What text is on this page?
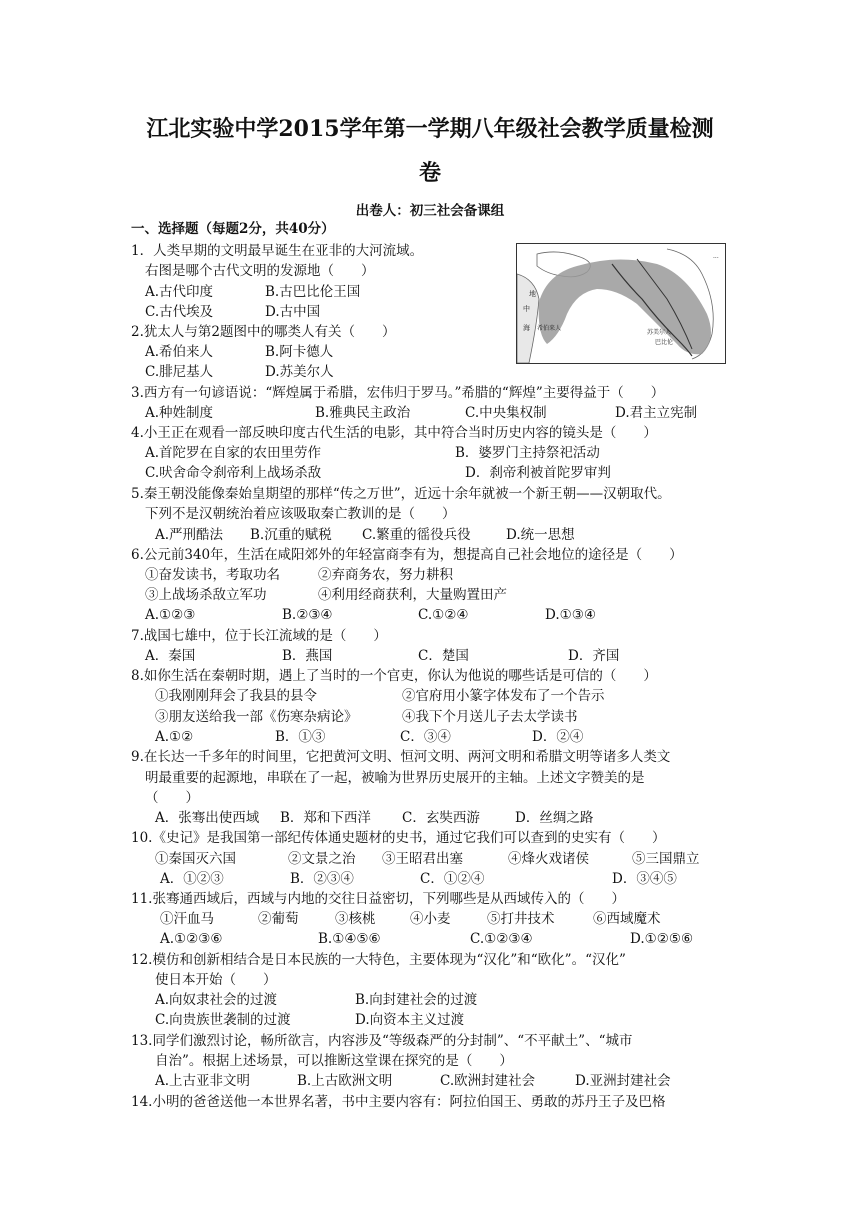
江北实验中学2015学年第一学期八年级社会教学质量检测
卷
出卷人：初三社会备课组
一、选择题（每题2分，共40分）
...
地
中
海 希伯来人
苏美尔人
巴比伦
1．人类早期的文明最早诞生在亚非的大河流域。
右图是哪个古代文明的发源地（　　）
A.古代印度	B.古巴比伦王国
C.古代埃及	D.古中国
2.犹太人与第2题图中的哪类人有关（　　）
A.希伯来人	B.阿卡德人
C.腓尼基人	D.苏美尔人
3.西方有一句谚语说：“辉煌属于希腊，宏伟归于罗马。”希腊的“辉煌”主要得益于（　　）
A.种姓制度	B.雅典民主政治	C.中央集权制	D.君主立宪制
4.小王正在观看一部反映印度古代生活的电影，其中符合当时历史内容的镜头是（　　）
A.首陀罗在自家的农田里劳作	B．婆罗门主持祭祀活动
C.吠舍命令刹帝利上战场杀敌	D．刹帝利被首陀罗审判
5.秦王朝没能像秦始皇期望的那样“传之万世”，近远十余年就被一个新王朝——汉朝取代。
下列不是汉朝统治着应该吸取秦亡教训的是（　　）
A.严刑酷法 B.沉重的赋税 C.繁重的徭役兵役	D.统一思想
6.公元前340年，生活在咸阳郊外的年轻富商李有为，想提高自己社会地位的途径是（　　）
①奋发读书，考取功名	②弃商务农，努力耕积
③上战场杀敌立军功	④利用经商获利，大量购置田产
A.①②③	B.②③④	C.①②④	D.①③④
7.战国七雄中，位于长江流域的是（　　）
A．秦国	B．燕国	C．楚国	D．齐国
8.如你生活在秦朝时期，遇上了当时的一个官吏，你认为他说的哪些话是可信的（　　）
①我刚刚拜会了我县的县令	②官府用小篆字体发布了一个告示
③朋友送给我一部《伤寒杂病论》	④我下个月送儿子去太学读书
A.①②	B．①③	C．③④	D．②④
9.在长达一千多年的时间里，它把黄河文明、恒河文明、两河文明和希腊文明等诸多人类文
明最重要的起源地，串联在了一起，被喻为世界历史展开的主轴。上述文字赞美的是
（　　）
A．张骞出使西域 B．郑和下西洋 C．玄奘西游	D．丝绸之路
10.《史记》是我国第一部纪传体通史题材的史书，通过它我们可以查到的史实有（　　）
①秦国灭六国	②文景之治 ③王昭君出塞	④烽火戏诸侯	⑤三国鼎立
A．①②③	B．②③④	C．①②④	D．③④⑤
11.张骞通西域后，西域与内地的交往日益密切，下列哪些是从西域传入的（　　）
①汗血马	②葡萄	③核桃	④小麦	⑤打井技术	⑥西域魔术
A.①②③⑥	B.①④⑤⑥	C.①②③④	D.①②⑤⑥
12.模仿和创新相结合是日本民族的一大特色，主要体现为“汉化”和“欧化”。“汉化”
使日本开始（　　）
A.向奴隶社会的过渡	B.向封建社会的过渡
C.向贵族世袭制的过渡	D.向资本主义过渡
13.同学们激烈讨论，畅所欲言，内容涉及“等级森严的分封制”、“不平献土”、“城市
自治”。根据上述场景，可以推断这堂课在探究的是（　　）
A.上古亚非文明	B.上古欧洲文明	C.欧洲封建社会	D.亚洲封建社会
14.小明的爸爸送他一本世界名著，书中主要内容有：阿拉伯国王、勇敢的苏丹王子及巴格
